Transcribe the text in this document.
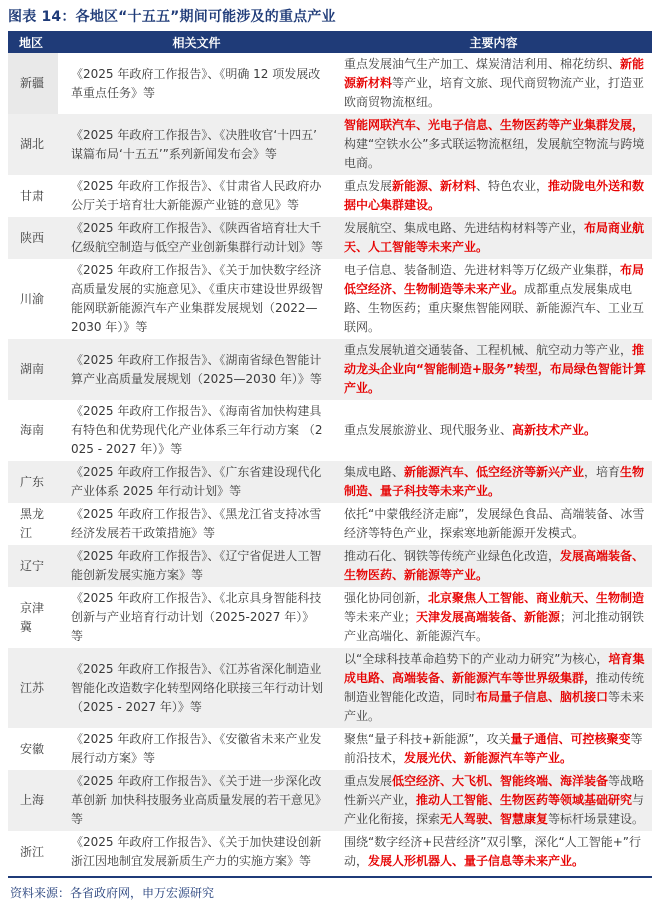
图表 14：各地区“十五五”期间可能涉及的重点产业
地区	相关文件	主要内容
新疆	《2025 年政府工作报告》、《明确 12 项发展改革重点任务》等	重点发展油气生产加工、煤炭清洁利用、棉花纺织、新能源新材料等产业，培育文旅、现代商贸物流产业，打造亚欧商贸物流枢纽。
湖北	《2025 年政府工作报告》、《决胜收官‘十四五’ 谋篇布局‘十五五’”系列新闻发布会》等	智能网联汽车、光电子信息、生物医药等产业集群发展，构建“空铁水公”多式联运物流枢纽，发展航空物流与跨境电商。
甘肃	《2025 年政府工作报告》、《甘肃省人民政府办公厅关于培育壮大新能源产业链的意见》等	重点发展新能源、新材料、特色农业，推动陇电外送和数据中心集群建设。
陕西	《2025 年政府工作报告》、《陕西省培育壮大千亿级航空制造与低空产业创新集群行动计划》等	发展航空、集成电路、先进结构材料等产业，布局商业航天、人工智能等未来产业。
川渝	《2025 年政府工作报告》、《关于加快数字经济高质量发展的实施意见》、《重庆市建设世界级智能网联新能源汽车产业集群发展规划（2022—2030 年）》等	电子信息、装备制造、先进材料等万亿级产业集群，布局低空经济、生物制造等未来产业。成都重点发展集成电路、生物医药；重庆聚焦智能网联、新能源汽车、工业互联网。
湖南	《2025 年政府工作报告》、《湖南省绿色智能计算产业高质量发展规划（2025—2030 年）》等	重点发展轨道交通装备、工程机械、航空动力等产业，推动龙头企业向“智能制造+服务”转型，布局绿色智能计算产业。
海南	《2025 年政府工作报告》、《海南省加快构建具有特色和优势现代化产业体系三年行动方案 （2025 - 2027 年）》等	重点发展旅游业、现代服务业、高新技术产业。
广东	《2025 年政府工作报告》、《广东省建设现代化产业体系 2025 年行动计划》等	集成电路、新能源汽车、低空经济等新兴产业，培育生物制造、量子科技等未来产业。
黑龙江	《2025 年政府工作报告》、《黑龙江省支持冰雪经济发展若干政策措施》等	依托“中蒙俄经济走廊”，发展绿色食品、高端装备、冰雪经济等特色产业，探索寒地新能源开发模式。
辽宁	《2025 年政府工作报告》、《辽宁省促进人工智能创新发展实施方案》等	推动石化、钢铁等传统产业绿色化改造，发展高端装备、生物医药、新能源等产业。
京津冀	《2025 年政府工作报告》、《北京具身智能科技创新与产业培育行动计划（2025-2027 年）》等	强化协同创新，北京聚焦人工智能、商业航天、生物制造等未来产业；天津发展高端装备、新能源；河北推动钢铁产业高端化、新能源汽车。
江苏	《2025 年政府工作报告》、《江苏省深化制造业智能化改造数字化转型网络化联接三年行动计划（2025 - 2027 年）》等	以“全球科技革命趋势下的产业动力研究”为核心，培育集成电路、高端装备、新能源汽车等世界级集群，推动传统制造业智能化改造，同时布局量子信息、脑机接口等未来产业。
安徽	《2025 年政府工作报告》、《安徽省未来产业发展行动方案》等	聚焦“量子科技+新能源”，攻关量子通信、可控核聚变等前沿技术，发展光伏、新能源汽车等产业。
上海	《2025 年政府工作报告》、《关于进一步深化改革创新 加快科技服务业高质量发展的若干意见》等	重点发展低空经济、大飞机、智能终端、海洋装备等战略性新兴产业，推动人工智能、生物医药等领域基础研究与产业化衔接，探索无人驾驶、智慧康复等标杆场景建设。
浙江	《2025 年政府工作报告》、《关于加快建设创新浙江因地制宜发展新质生产力的实施方案》等	围绕“数字经济+民营经济”双引擎，深化“人工智能+”行动，发展人形机器人、量子信息等未来产业。
资料来源：各省政府网，申万宏源研究
